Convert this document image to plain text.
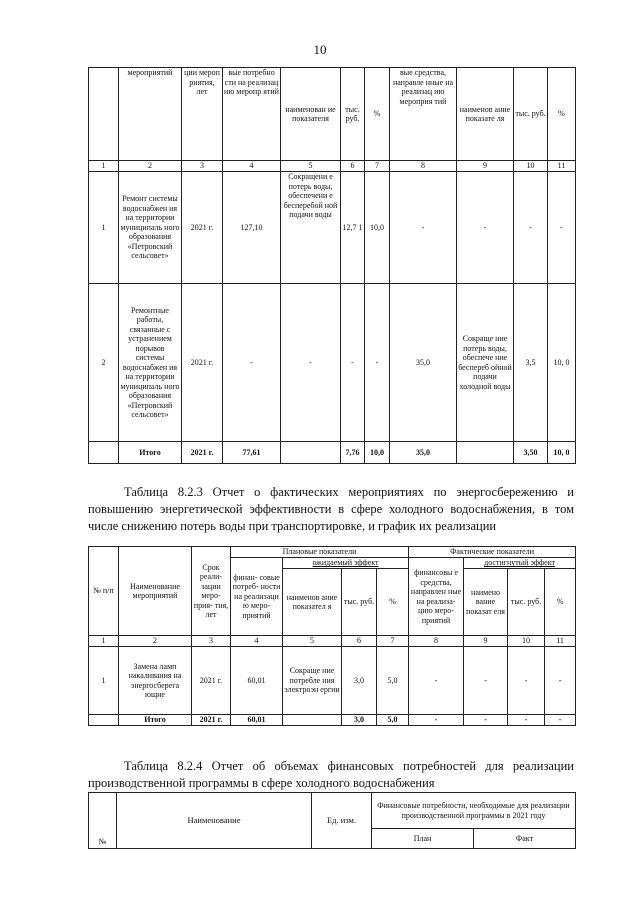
10
	мероприятий	ции мероп риятия, лет	вые потребно сти на реализац ию меропр ятий	наименован ие показателя	тыс. руб.	%	вые средства, направле нные на реализац ию мероприя тий	наименов ание показате ля	тыс. руб.	%
1	2	3	4	5	6	7	8	9	10	11
1	Ремонт системы водоснабжен ия на территории муниципаль ного образования «Петровский сельсовет»	2021 г.	127,10	Сокращени е потерь воды, обеспечени е бесперебой ной подачи воды	12,7 1	10,0	-	-	-	-
2	Ремонтные работы, связанные с устранением порывов системы водоснабжен ия на территории муниципаль ного образования «Петровский сельсовет»	2021 г.	-	-	-	-	35,0	Сокраще ние потерь воды, обеспече ние беспереб ойной подачи холодной воды	3,5	10, 0
	Итого	2021 г.	77,61		7,76	10,0	35,0		3,50	10, 0
Таблица 8.2.3 Отчет о фактических мероприятиях по энергосбережению и повышению энергетической эффективности в сфере холодного водоснабжения, в том числе снижению потерь воды при транспортировке, и график их реализации
№ п/п	Наименование мероприятий	Срок реали- зации меро- прия- тия, лет	Плановые показатели				Фактические показатели			
			финан- совые потреб- ности на реализаци ю меро- приятий	ожидаемый эффект			финансовы е средства, направлен ные на реализа- цию меро- приятий	достигнутый эффект		
				наименов ание показател я	тыс. руб.	%		наимено вание показат еля	тыс. руб.	%
1	2	3	4	5	6	7	8	9	10	11
1	Замена ламп накаливания на энергосберега ющие	2021 г.	60,01	Сокраще ние потребле ния электроэн ергии	3,0	5,0	-	-	-	-
	Итого	2021 г.	60,01		3,0	5,0	-	-	-	-
Таблица 8.2.4 Отчет об объемах финансовых потребностей для реализации производственной программы в сфере холодного водоснабжения
№	Наименование	Ед. изм.	Финансовые потребности, необходимые для реализации производственной программы в 2021 году	
			План	Факт
